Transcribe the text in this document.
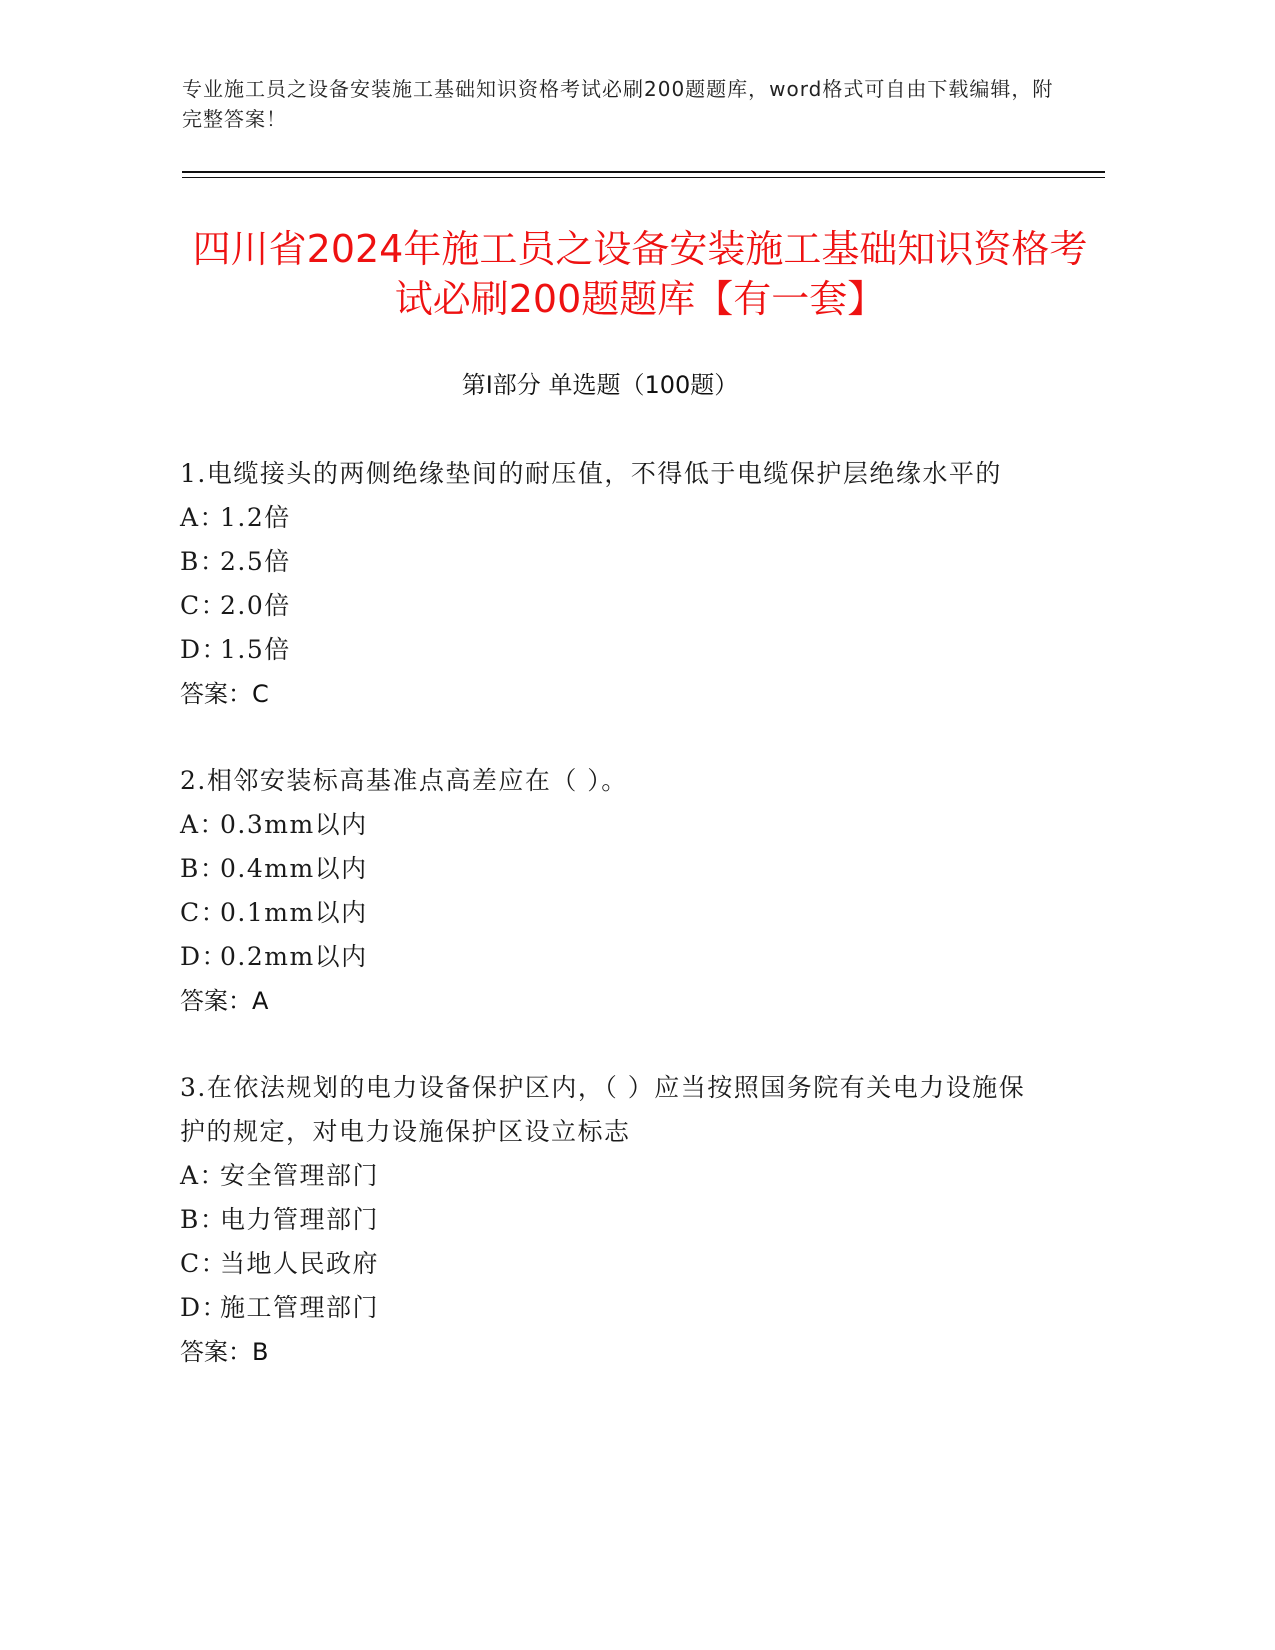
专业施工员之设备安装施工基础知识资格考试必刷200题题库，word格式可自由下载编辑，附完整答案！
四川省2024年施工员之设备安装施工基础知识资格考试必刷200题题库【有一套】
第Ⅰ部分 单选题（100题）
1.电缆接头的两侧绝缘垫间的耐压值，不得低于电缆保护层绝缘水平的
A：1.2倍
B：2.5倍
C：2.0倍
D：1.5倍
答案：C
2.相邻安装标高基准点高差应在（ ）。
A：0.3mm以内
B：0.4mm以内
C：0.1mm以内
D：0.2mm以内
答案：A
3.在依法规划的电力设备保护区内，（ ）应当按照国务院有关电力设施保护的规定，对电力设施保护区设立标志
A：安全管理部门
B：电力管理部门
C：当地人民政府
D：施工管理部门
答案：B
